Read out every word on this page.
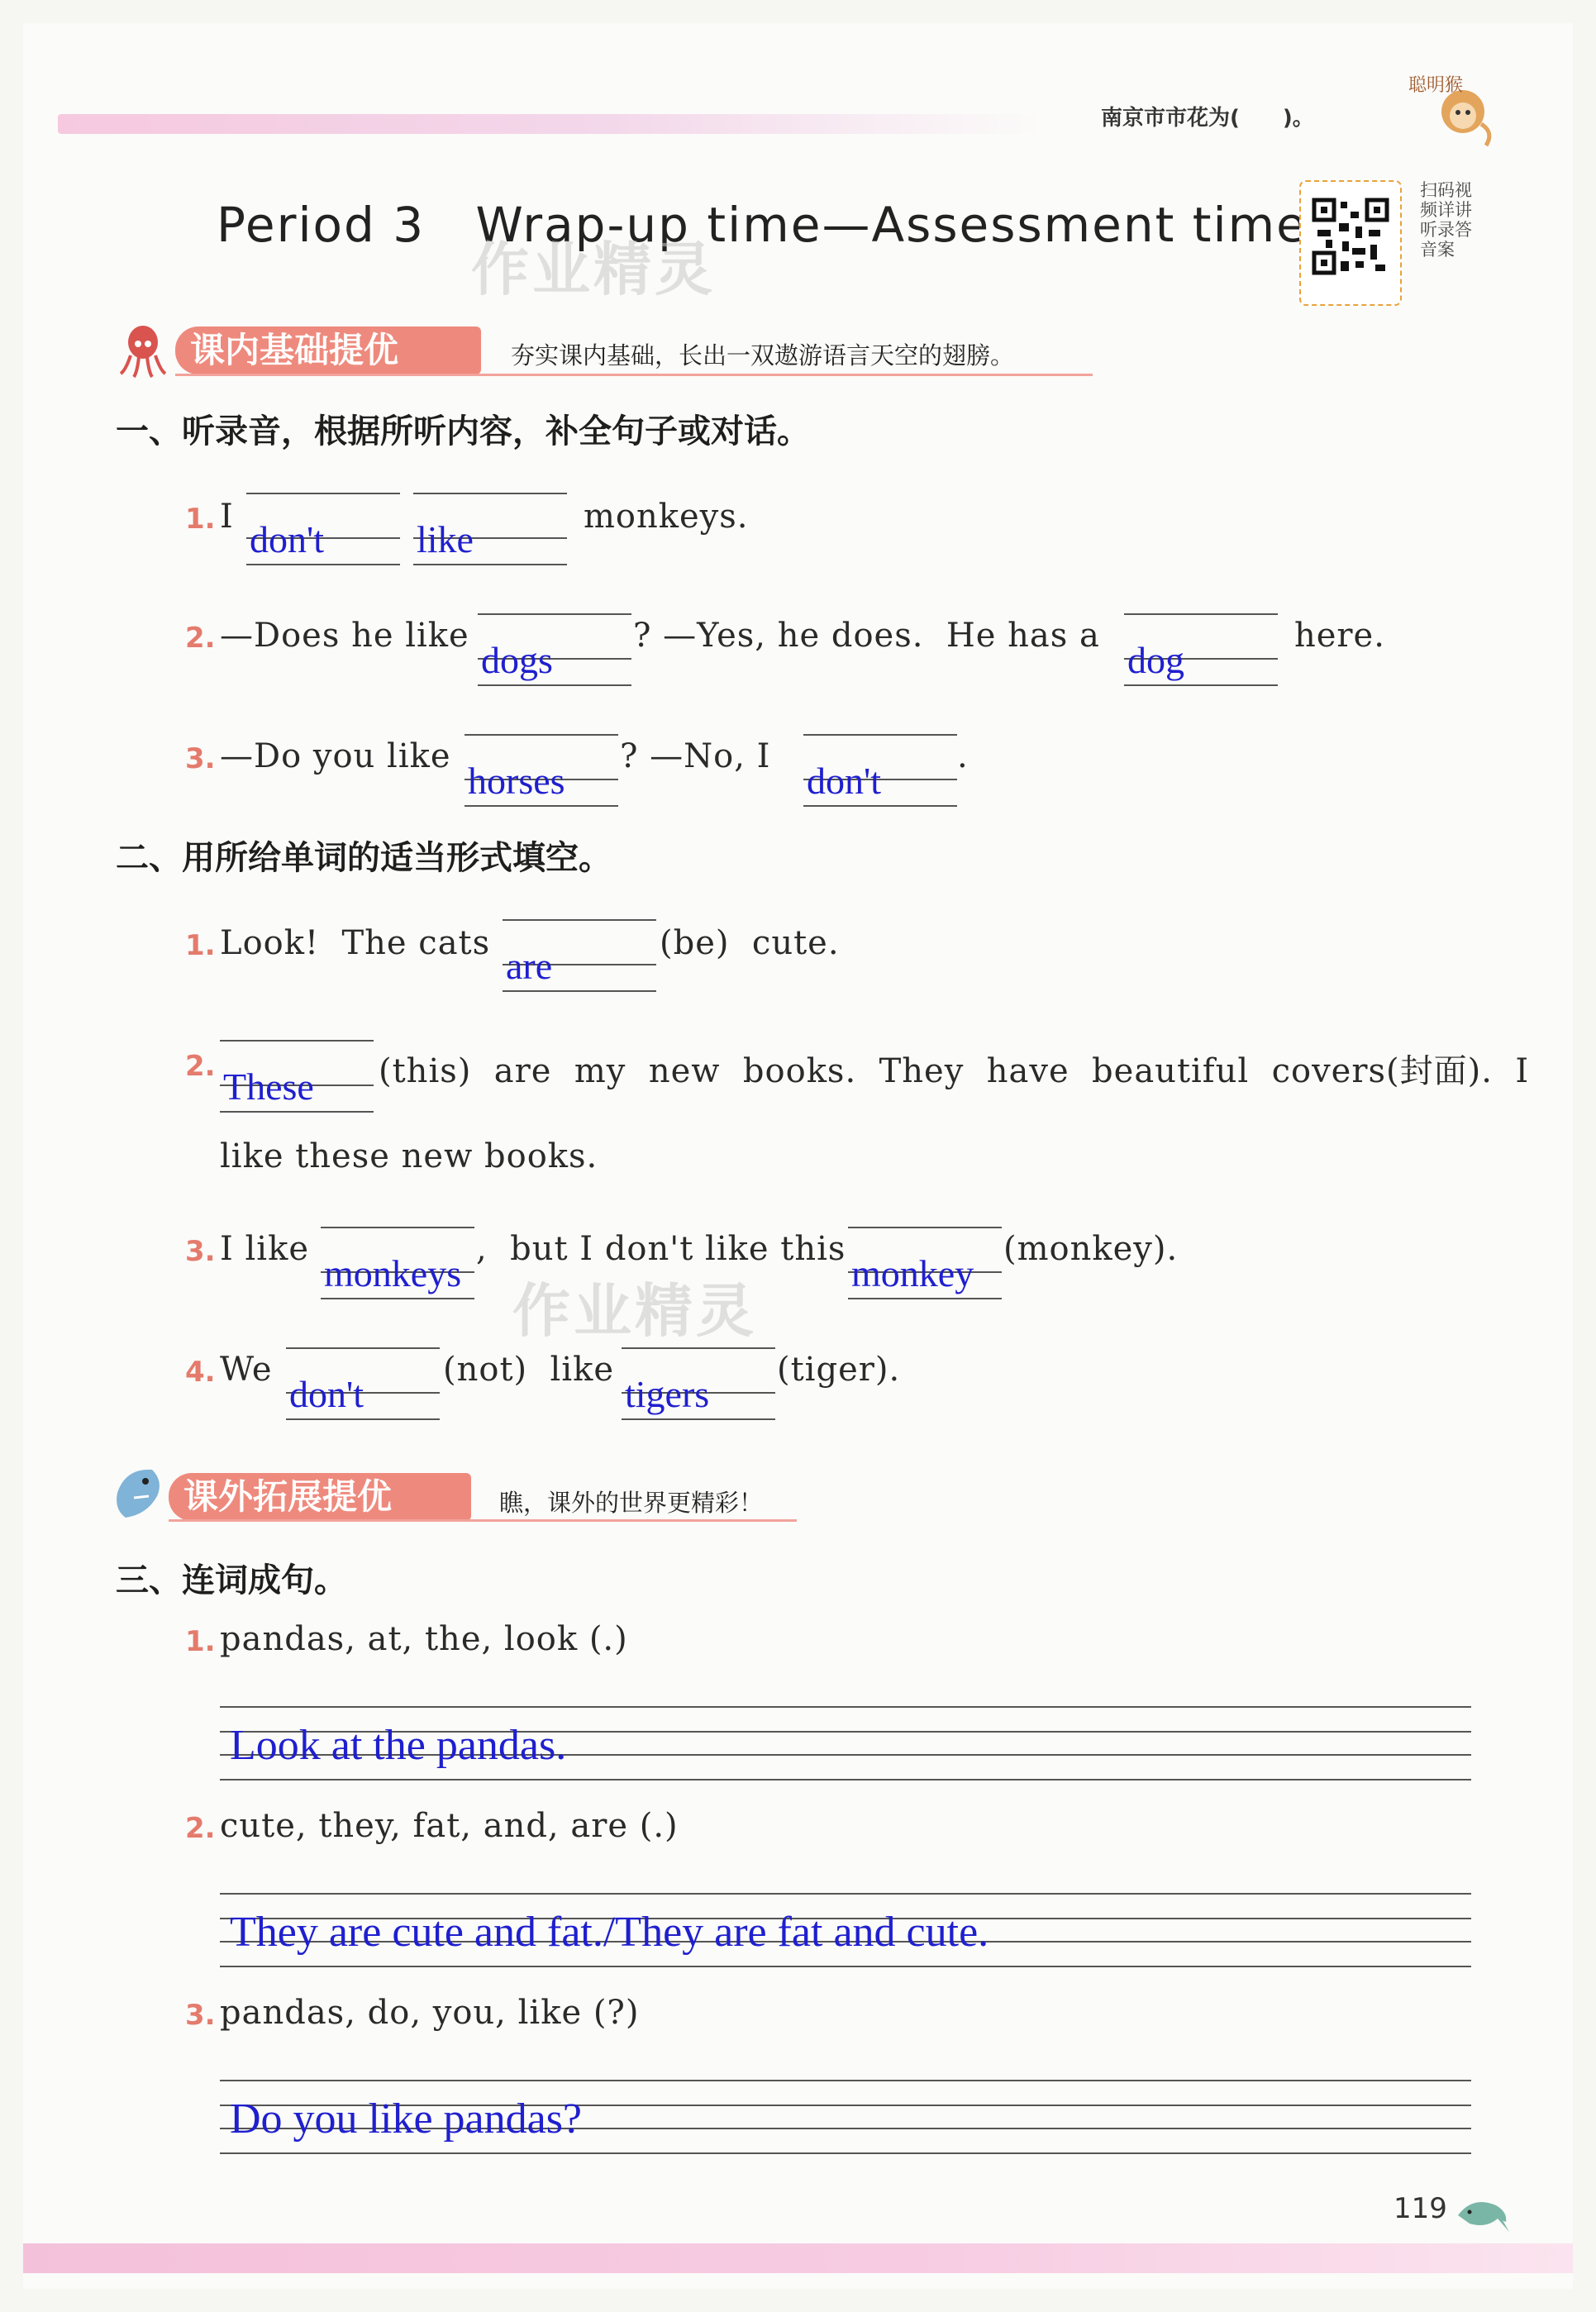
南京市市花为(　　)。
聪明猴
Period 3 Wrap-up time—Assessment time
作业精灵
扫码视频详讲听录答音案
课内基础提优	夯实课内基础，长出一双遨游语言天空的翅膀。
一、听录音，根据所听内容，补全句子或对话。
1. I
don't like
monkeys.
2. —Does he like
dogs
? —Yes, he does.  He has a
dog
here.
3. —Do you like
horses
? —No, I
don't
.
二、用所给单词的适当形式填空。
1. Look!  The cats
are
(be)  cute.
2. These (this)  are  my  new  books.  They  have  beautiful  covers(封面).  I
like these new books.
3. I like
monkeys
,  but I don't like this
monkey
(monkey).
作业精灵
4. We
don't
(not)  like
tigers
(tiger).
课外拓展提优	瞧，课外的世界更精彩！
三、连词成句。
1. pandas, at, the, look (.)
Look at the pandas.
2. cute, they, fat, and, are (.)
They are cute and fat./They are fat and cute.
3. pandas, do, you, like (?)
Do you like pandas?
119
